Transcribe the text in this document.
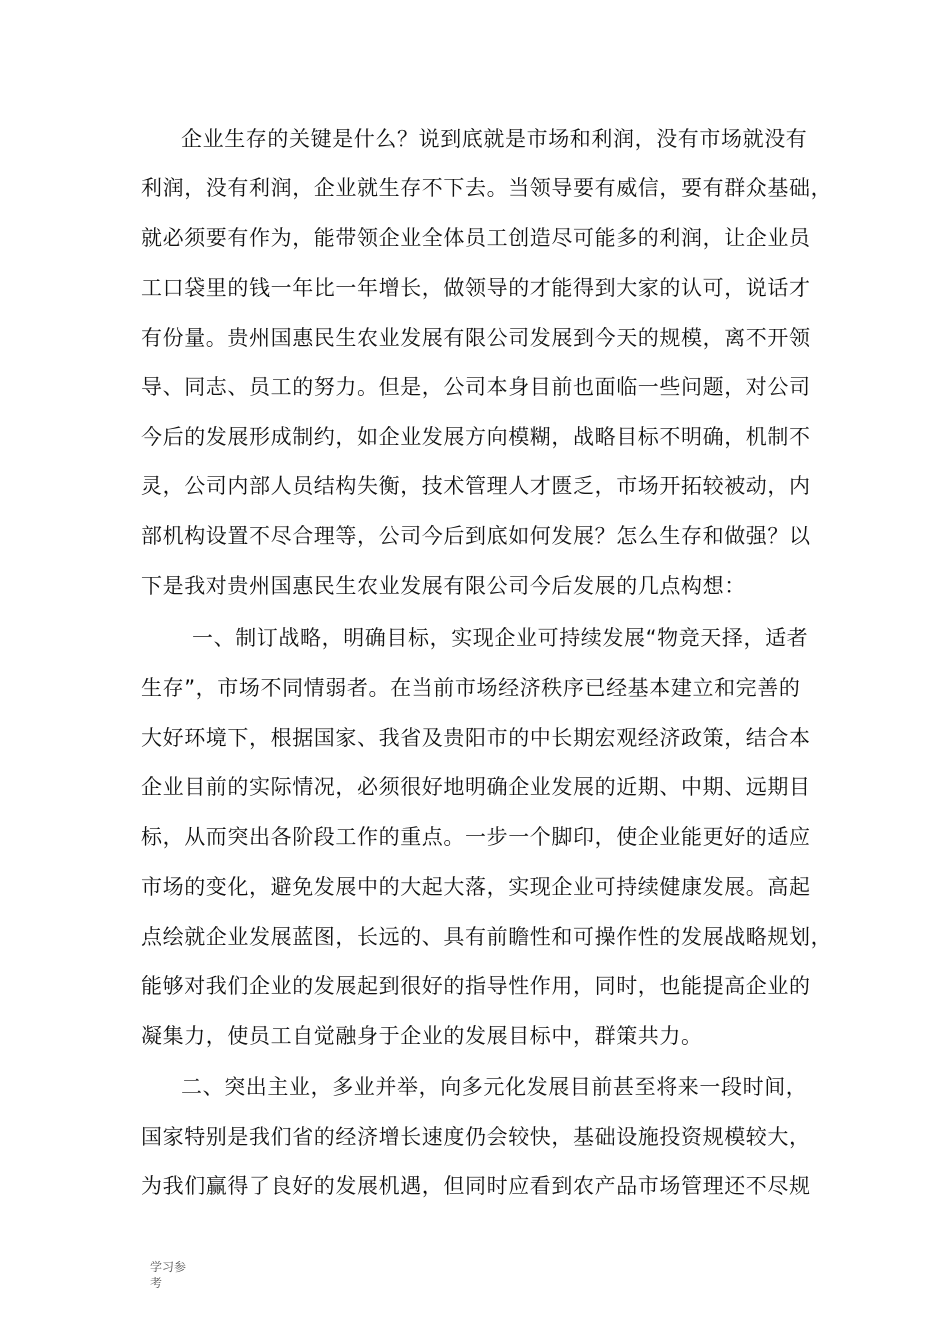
企业生存的关键是什么？说到底就是市场和利润，没有市场就没有
利润，没有利润，企业就生存不下去。当领导要有威信，要有群众基础，
就必须要有作为，能带领企业全体员工创造尽可能多的利润，让企业员
工口袋里的钱一年比一年增长，做领导的才能得到大家的认可，说话才
有份量。贵州国惠民生农业发展有限公司发展到今天的规模，离不开领
导、同志、员工的努力。但是，公司本身目前也面临一些问题，对公司
今后的发展形成制约，如企业发展方向模糊，战略目标不明确，机制不
灵，公司内部人员结构失衡，技术管理人才匮乏，市场开拓较被动，内
部机构设置不尽合理等，公司今后到底如何发展？怎么生存和做强？以
下是我对贵州国惠民生农业发展有限公司今后发展的几点构想：
一、制订战略，明确目标，实现企业可持续发展“物竞天择，适者
生存”，市场不同情弱者。在当前市场经济秩序已经基本建立和完善的
大好环境下，根据国家、我省及贵阳市的中长期宏观经济政策，结合本
企业目前的实际情况，必须很好地明确企业发展的近期、中期、远期目
标，从而突出各阶段工作的重点。一步一个脚印，使企业能更好的适应
市场的变化，避免发展中的大起大落，实现企业可持续健康发展。高起
点绘就企业发展蓝图，长远的、具有前瞻性和可操作性的发展战略规划，
能够对我们企业的发展起到很好的指导性作用，同时，也能提高企业的
凝集力，使员工自觉融身于企业的发展目标中，群策共力。
二、突出主业，多业并举，向多元化发展目前甚至将来一段时间，
国家特别是我们省的经济增长速度仍会较快，基础设施投资规模较大，
为我们赢得了良好的发展机遇，但同时应看到农产品市场管理还不尽规
学习参
考
